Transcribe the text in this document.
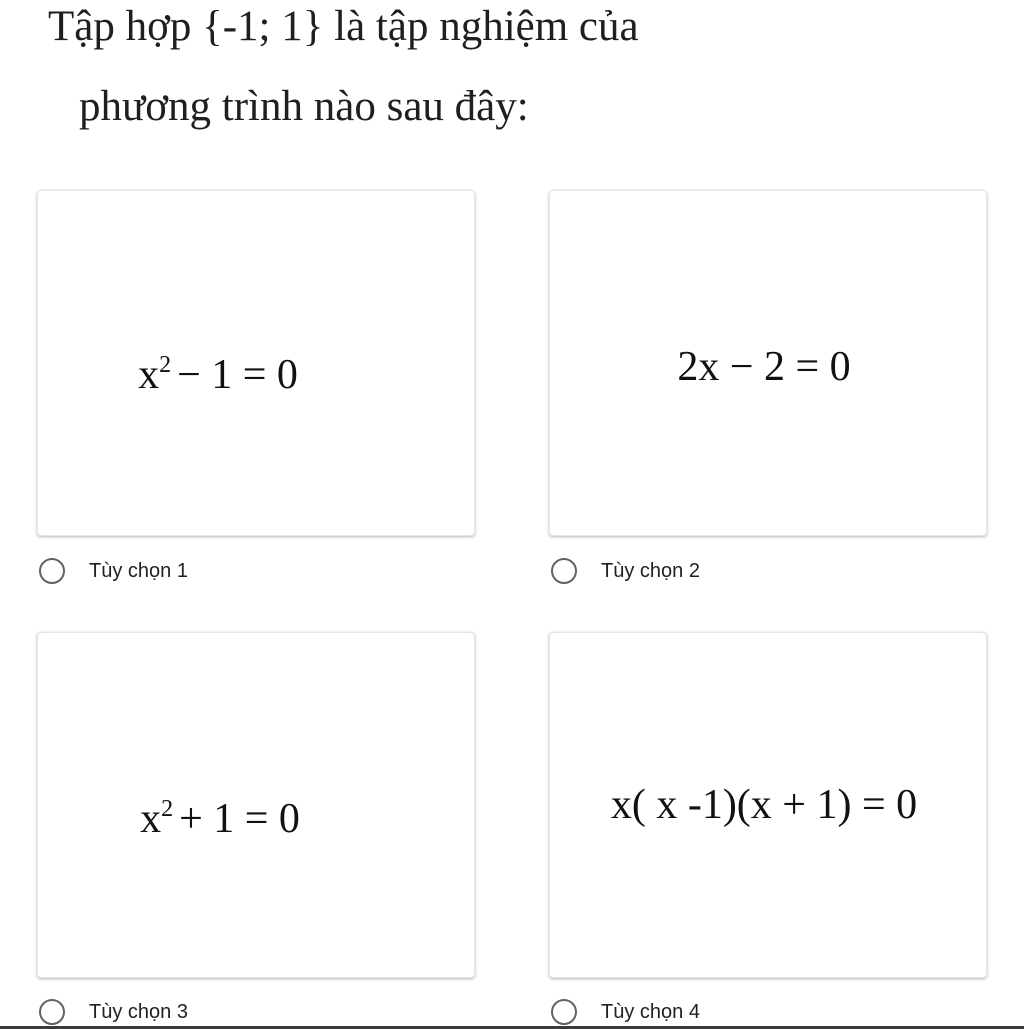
Tập hợp {-1; 1} là tập nghiệm của
phương trình nào sau đây:
$x^2 - 1 = 0$
Tùy chọn 1
2x − 2 = 0
Tùy chọn 2
$x^2 + 1 = 0$
Tùy chọn 3
x( x -1)(x + 1) = 0
Tùy chọn 4
